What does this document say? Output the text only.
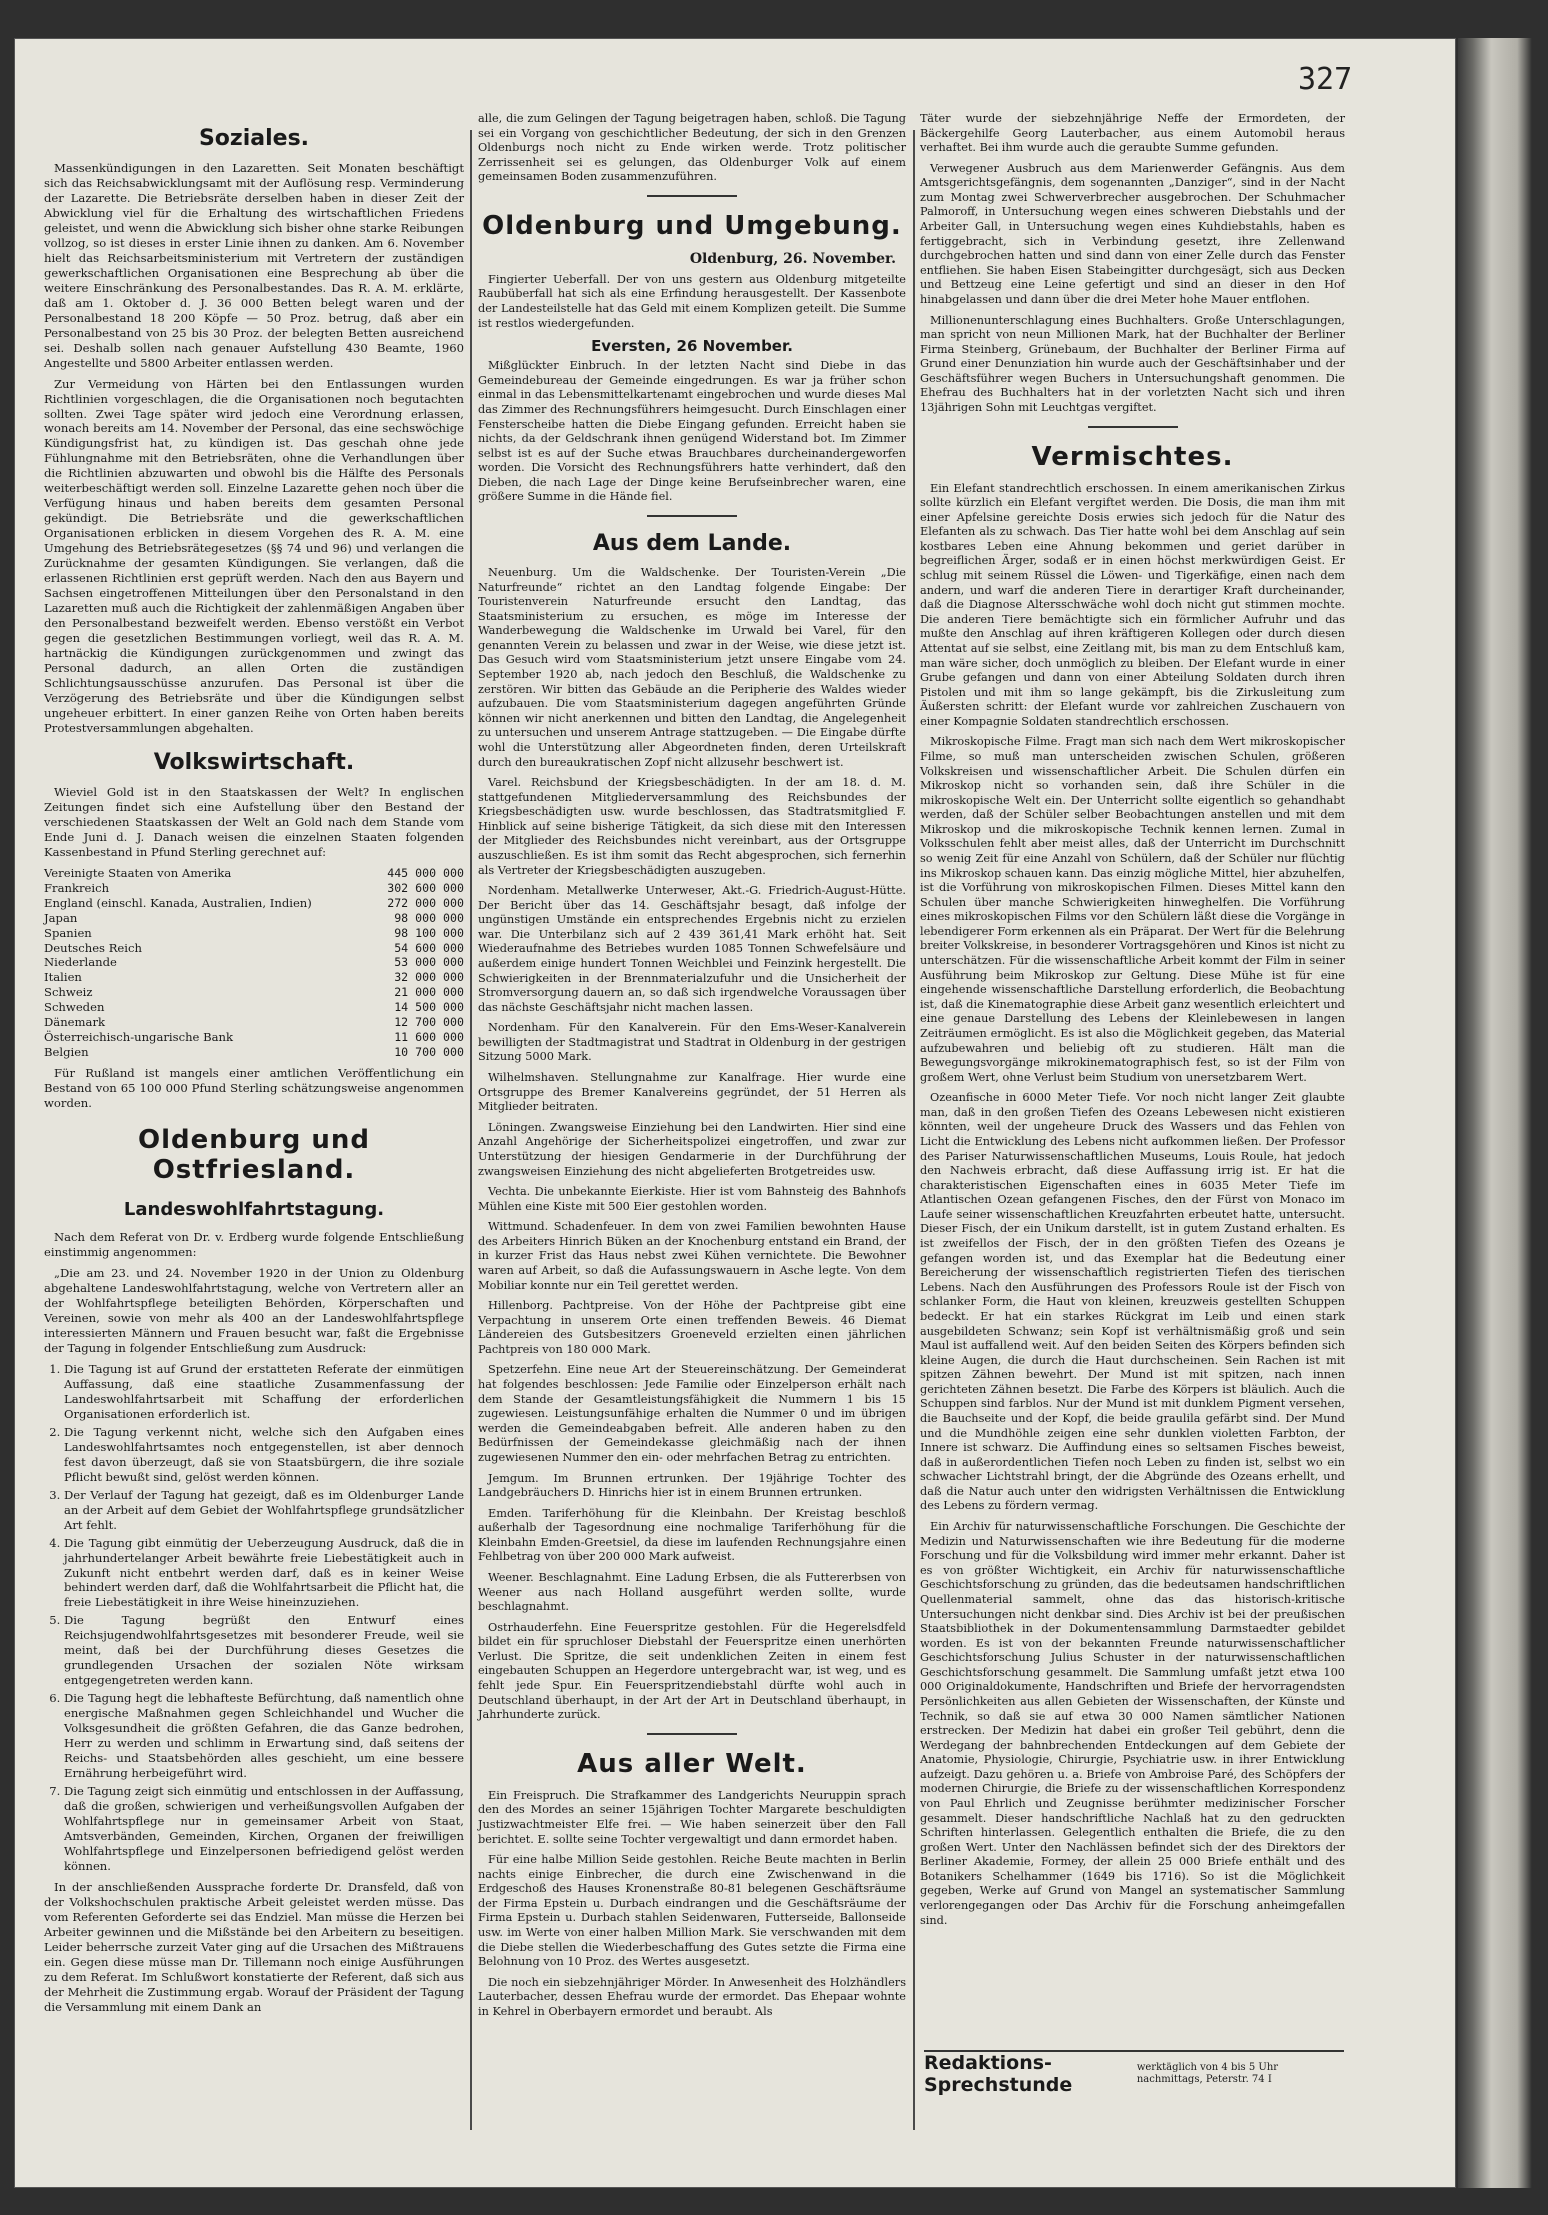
327
Soziales.

Massenkündigungen in den Lazaretten. Seit Monaten beschäftigt sich das Reichsabwicklungsamt mit der Auflösung resp. Verminderung der Lazarette. Die Betriebsräte derselben haben in dieser Zeit der Abwicklung viel für die Erhaltung des wirtschaftlichen Friedens geleistet, und wenn die Abwicklung sich bisher ohne starke Reibungen vollzog, so ist dieses in erster Linie ihnen zu danken. Am 6. November hielt das Reichsarbeitsministerium mit Vertretern der zuständigen gewerkschaftlichen Organisationen eine Besprechung ab über die weitere Einschränkung des Personalbestandes. Das R. A. M. erklärte, daß am 1. Oktober d. J. 36 000 Betten belegt waren und der Personalbestand 18 200 Köpfe — 50 Proz. betrug, daß aber ein Personalbestand von 25 bis 30 Proz. der belegten Betten ausreichend sei. Deshalb sollen nach genauer Aufstellung 430 Beamte, 1960 Angestellte und 5800 Arbeiter entlassen werden.

Zur Vermeidung von Härten bei den Entlassungen wurden Richtlinien vorgeschlagen, die die Organisationen noch begutachten sollten. Zwei Tage später wird jedoch eine Verordnung erlassen, wonach bereits am 14. November der Personal, das eine sechswöchige Kündigungsfrist hat, zu kündigen ist. Das geschah ohne jede Fühlungnahme mit den Betriebsräten, ohne die Verhandlungen über die Richtlinien abzuwarten und obwohl bis die Hälfte des Personals weiterbeschäftigt werden soll. Einzelne Lazarette gehen noch über die Verfügung hinaus und haben bereits dem gesamten Personal gekündigt. Die Betriebsräte und die gewerkschaftlichen Organisationen erblicken in diesem Vorgehen des R. A. M. eine Umgehung des Betriebsrätegesetzes (§§ 74 und 96) und verlangen die Zurücknahme der gesamten Kündigungen. Sie verlangen, daß die erlassenen Richtlinien erst geprüft werden. Nach den aus Bayern und Sachsen eingetroffenen Mitteilungen über den Personalstand in den Lazaretten muß auch die Richtigkeit der zahlenmäßigen Angaben über den Personalbestand bezweifelt werden. Ebenso verstößt ein Verbot gegen die gesetzlichen Bestimmungen vorliegt, weil das R. A. M. hartnäckig die Kündigungen zurückgenommen und zwingt das Personal dadurch, an allen Orten die zuständigen Schlichtungsausschüsse anzurufen. Das Personal ist über die Verzögerung des Betriebsräte und über die Kündigungen selbst ungeheuer erbittert. In einer ganzen Reihe von Orten haben bereits Protestversammlungen abgehalten.

Volkswirtschaft.

Wieviel Gold ist in den Staatskassen der Welt? In englischen Zeitungen findet sich eine Aufstellung über den Bestand der verschiedenen Staatskassen der Welt an Gold nach dem Stande vom Ende Juni d. J. Danach weisen die einzelnen Staaten folgenden Kassenbestand in Pfund Sterling gerechnet auf:

Vereinigte Staaten von Amerika	445 000 000
Frankreich	302 600 000
England (einschl. Kanada, Australien, Indien)	272 000 000
Japan	98 000 000
Spanien	98 100 000
Deutsches Reich	54 600 000
Niederlande	53 000 000
Italien	32 000 000
Schweiz	21 000 000
Schweden	14 500 000
Dänemark	12 700 000
Österreichisch-ungarische Bank	11 600 000
Belgien	10 700 000

Für Rußland ist mangels einer amtlichen Veröffentlichung ein Bestand von 65 100 000 Pfund Sterling schätzungsweise angenommen worden.

Oldenburg und Ostfriesland.
Landeswohlfahrtstagung.

Nach dem Referat von Dr. v. Erdberg wurde folgende Entschließung einstimmig angenommen:

„Die am 23. und 24. November 1920 in der Union zu Oldenburg abgehaltene Landeswohlfahrtstagung, welche von Vertretern aller an der Wohlfahrtspflege beteiligten Behörden, Körperschaften und Vereinen, sowie von mehr als 400 an der Landeswohlfahrtspflege interessierten Männern und Frauen besucht war, faßt die Ergebnisse der Tagung in folgender Entschließung zum Ausdruck:

1. Die Tagung ist auf Grund der erstatteten Referate der einmütigen Auffassung, daß eine staatliche Zusammenfassung der Landeswohlfahrtsarbeit mit Schaffung der erforderlichen Organisationen erforderlich ist.
2. Die Tagung verkennt nicht, welche sich den Aufgaben eines Landeswohlfahrtsamtes noch entgegenstellen, ist aber dennoch fest davon überzeugt, daß sie von Staatsbürgern, die ihre soziale Pflicht bewußt sind, gelöst werden können.
3. Der Verlauf der Tagung hat gezeigt, daß es im Oldenburger Lande an der Arbeit auf dem Gebiet der Wohlfahrtspflege grundsätzlicher Art fehlt.
4. Die Tagung gibt einmütig der Ueberzeugung Ausdruck, daß die in jahrhundertelanger Arbeit bewährte freie Liebestätigkeit auch in Zukunft nicht entbehrt werden darf, daß es in keiner Weise behindert werden darf, daß die Wohlfahrtsarbeit die Pflicht hat, die freie Liebestätigkeit in ihre Weise hineinzuziehen.
5. Die Tagung begrüßt den Entwurf eines Reichsjugendwohlfahrtsgesetzes mit besonderer Freude, weil sie meint, daß bei der Durchführung dieses Gesetzes die grundlegenden Ursachen der sozialen Nöte wirksam entgegengetreten werden kann.
6. Die Tagung hegt die lebhafteste Befürchtung, daß namentlich ohne energische Maßnahmen gegen Schleichhandel und Wucher die Volksgesundheit die größten Gefahren, die das Ganze bedrohen, Herr zu werden und schlimm in Erwartung sind, daß seitens der Reichs- und Staatsbehörden alles geschieht, um eine bessere Ernährung herbeigeführt wird.
7. Die Tagung zeigt sich einmütig und entschlossen in der Auffassung, daß die großen, schwierigen und verheißungsvollen Aufgaben der Wohlfahrtspflege nur in gemeinsamer Arbeit von Staat, Amtsverbänden, Gemeinden, Kirchen, Organen der freiwilligen Wohlfahrtspflege und Einzelpersonen befriedigend gelöst werden können.

In der anschließenden Aussprache forderte Dr. Dransfeld, daß von der Volkshochschulen praktische Arbeit geleistet werden müsse. Das vom Referenten Geforderte sei das Endziel. Man müsse die Herzen bei Arbeiter gewinnen und die Mißstände bei den Arbeitern zu beseitigen. Leider beherrsche zurzeit Vater ging auf die Ursachen des Mißtrauens ein. Gegen diese müsse man Dr. Tillemann noch einige Ausführungen zu dem Referat. Im Schlußwort konstatierte der Referent, daß sich aus der Mehrheit die Zustimmung ergab. Worauf der Präsident der Tagung die Versammlung mit einem Dank an

alle, die zum Gelingen der Tagung beigetragen haben, schloß. Die Tagung sei ein Vorgang von geschichtlicher Bedeutung, der sich in den Grenzen Oldenburgs noch nicht zu Ende wirken werde. Trotz politischer Zerrissenheit sei es gelungen, das Oldenburger Volk auf einem gemeinsamen Boden zusammenzuführen.

Oldenburg und Umgebung.
Oldenburg, 26. November.

Fingierter Ueberfall. Der von uns gestern aus Oldenburg mitgeteilte Raubüberfall hat sich als eine Erfindung herausgestellt. Der Kassenbote der Landesteilstelle hat das Geld mit einem Komplizen geteilt. Die Summe ist restlos wiedergefunden.

Eversten, 26 November.

Mißglückter Einbruch. In der letzten Nacht sind Diebe in das Gemeindebureau der Gemeinde eingedrungen. Es war ja früher schon einmal in das Lebensmittelkartenamt eingebrochen und wurde dieses Mal das Zimmer des Rechnungsführers heimgesucht. Durch Einschlagen einer Fensterscheibe hatten die Diebe Eingang gefunden. Erreicht haben sie nichts, da der Geldschrank ihnen genügend Widerstand bot. Im Zimmer selbst ist es auf der Suche etwas Brauchbares durcheinandergeworfen worden. Die Vorsicht des Rechnungsführers hatte verhindert, daß den Dieben, die nach Lage der Dinge keine Berufseinbrecher waren, eine größere Summe in die Hände fiel.

Aus dem Lande.

Neuenburg. Um die Waldschenke. Der Touristen-Verein „Die Naturfreunde“ richtet an den Landtag folgende Eingabe: Der Touristenverein Naturfreunde ersucht den Landtag, das Staatsministerium zu ersuchen, es möge im Interesse der Wanderbewegung die Waldschenke im Urwald bei Varel, für den genannten Verein zu belassen und zwar in der Weise, wie diese jetzt ist. Das Gesuch wird vom Staatsministerium jetzt unsere Eingabe vom 24. September 1920 ab, nach jedoch den Beschluß, die Waldschenke zu zerstören. Wir bitten das Gebäude an die Peripherie des Waldes wieder aufzubauen. Die vom Staatsministerium dagegen angeführten Gründe können wir nicht anerkennen und bitten den Landtag, die Angelegenheit zu untersuchen und unserem Antrage stattzugeben. — Die Eingabe dürfte wohl die Unterstützung aller Abgeordneten finden, deren Urteilskraft durch den bureaukratischen Zopf nicht allzusehr beschwert ist.

Varel. Reichsbund der Kriegsbeschädigten. In der am 18. d. M. stattgefundenen Mitgliederversammlung des Reichsbundes der Kriegsbeschädigten usw. wurde beschlossen, das Stadtratsmitglied F. Hinblick auf seine bisherige Tätigkeit, da sich diese mit den Interessen der Mitglieder des Reichsbundes nicht vereinbart, aus der Ortsgruppe auszuschließen. Es ist ihm somit das Recht abgesprochen, sich fernerhin als Vertreter der Kriegsbeschädigten auszugeben.

Nordenham. Metallwerke Unterweser, Akt.-G. Friedrich-August-Hütte. Der Bericht über das 14. Geschäftsjahr besagt, daß infolge der ungünstigen Umstände ein entsprechendes Ergebnis nicht zu erzielen war. Die Unterbilanz sich auf 2 439 361,41 Mark erhöht hat. Seit Wiederaufnahme des Betriebes wurden 1085 Tonnen Schwefelsäure und außerdem einige hundert Tonnen Weichblei und Feinzink hergestellt. Die Schwierigkeiten in der Brennmaterialzufuhr und die Unsicherheit der Stromversorgung dauern an, so daß sich irgendwelche Voraussagen über das nächste Geschäftsjahr nicht machen lassen.

Nordenham. Für den Kanalverein. Für den Ems-Weser-Kanalverein bewilligten der Stadtmagistrat und Stadtrat in Oldenburg in der gestrigen Sitzung 5000 Mark.

Wilhelmshaven. Stellungnahme zur Kanalfrage. Hier wurde eine Ortsgruppe des Bremer Kanalvereins gegründet, der 51 Herren als Mitglieder beitraten.

Löningen. Zwangsweise Einziehung bei den Landwirten. Hier sind eine Anzahl Angehörige der Sicherheitspolizei eingetroffen, und zwar zur Unterstützung der hiesigen Gendarmerie in der Durchführung der zwangsweisen Einziehung des nicht abgelieferten Brotgetreides usw.

Vechta. Die unbekannte Eierkiste. Hier ist vom Bahnsteig des Bahnhofs Mühlen eine Kiste mit 500 Eier gestohlen worden.

Wittmund. Schadenfeuer. In dem von zwei Familien bewohnten Hause des Arbeiters Hinrich Büken an der Knochenburg entstand ein Brand, der in kurzer Frist das Haus nebst zwei Kühen vernichtete. Die Bewohner waren auf Arbeit, so daß die Aufassungswauern in Asche legte. Von dem Mobiliar konnte nur ein Teil gerettet werden.

Hillenborg. Pachtpreise. Von der Höhe der Pachtpreise gibt eine Verpachtung in unserem Orte einen treffenden Beweis. 46 Diemat Ländereien des Gutsbesitzers Groeneveld erzielten einen jährlichen Pachtpreis von 180 000 Mark.

Spetzerfehn. Eine neue Art der Steuereinschätzung. Der Gemeinderat hat folgendes beschlossen: Jede Familie oder Einzelperson erhält nach dem Stande der Gesamtleistungsfähigkeit die Nummern 1 bis 15 zugewiesen. Leistungsunfähige erhalten die Nummer 0 und im übrigen werden die Gemeindeabgaben befreit. Alle anderen haben zu den Bedürfnissen der Gemeindekasse gleichmäßig nach der ihnen zugewiesenen Nummer den ein- oder mehrfachen Betrag zu entrichten.

Jemgum. Im Brunnen ertrunken. Der 19jährige Tochter des Landgebräuchers D. Hinrichs hier ist in einem Brunnen ertrunken.

Emden. Tariferhöhung für die Kleinbahn. Der Kreistag beschloß außerhalb der Tagesordnung eine nochmalige Tariferhöhung für die Kleinbahn Emden-Greetsiel, da diese im laufenden Rechnungsjahre einen Fehlbetrag von über 200 000 Mark aufweist.

Weener. Beschlagnahmt. Eine Ladung Erbsen, die als Futtererbsen von Weener aus nach Holland ausgeführt werden sollte, wurde beschlagnahmt.

Ostrhauderfehn. Eine Feuerspritze gestohlen. Für die Hegerelsdfeld bildet ein für spruchloser Diebstahl der Feuerspritze einen unerhörten Verlust. Die Spritze, die seit undenklichen Zeiten in einem fest eingebauten Schuppen an Hegerdore untergebracht war, ist weg, und es fehlt jede Spur. Ein Feuerspritzendiebstahl dürfte wohl auch in Deutschland überhaupt, in der Art der Art in Deutschland überhaupt, in Jahrhunderte zurück.

Aus aller Welt.

Ein Freispruch. Die Strafkammer des Landgerichts Neuruppin sprach den des Mordes an seiner 15jährigen Tochter Margarete beschuldigten Justizwachtmeister Elfe frei. — Wie haben seinerzeit über den Fall berichtet. E. sollte seine Tochter vergewaltigt und dann ermordet haben.

Für eine halbe Million Seide gestohlen. Reiche Beute machten in Berlin nachts einige Einbrecher, die durch eine Zwischenwand in die Erdgeschoß des Hauses Kronenstraße 80-81 belegenen Geschäftsräume der Firma Epstein u. Durbach eindrangen und die Geschäftsräume der Firma Epstein u. Durbach stahlen Seidenwaren, Futterseide, Ballonseide usw. im Werte von einer halben Million Mark. Sie verschwanden mit dem die Diebe stellen die Wiederbeschaffung des Gutes setzte die Firma eine Belohnung von 10 Proz. des Wertes ausgesetzt.

Die noch ein siebzehnjähriger Mörder. In Anwesenheit des Holzhändlers Lauterbacher, dessen Ehefrau wurde der ermordet. Das Ehepaar wohnte in Kehrel in Oberbayern ermordet und beraubt. Als

Täter wurde der siebzehnjährige Neffe der Ermordeten, der Bäckergehilfe Georg Lauterbacher, aus einem Automobil heraus verhaftet. Bei ihm wurde auch die geraubte Summe gefunden.

Verwegener Ausbruch aus dem Marienwerder Gefängnis. Aus dem Amtsgerichtsgefängnis, dem sogenannten „Danziger“, sind in der Nacht zum Montag zwei Schwerverbrecher ausgebrochen. Der Schuhmacher Palmoroff, in Untersuchung wegen eines schweren Diebstahls und der Arbeiter Gall, in Untersuchung wegen eines Kuhdiebstahls, haben es fertiggebracht, sich in Verbindung gesetzt, ihre Zellenwand durchgebrochen hatten und sind dann von einer Zelle durch das Fenster entfliehen. Sie haben Eisen Stabeingitter durchgesägt, sich aus Decken und Bettzeug eine Leine gefertigt und sind an dieser in den Hof hinabgelassen und dann über die drei Meter hohe Mauer entflohen.

Millionenunterschlagung eines Buchhalters. Große Unterschlagungen, man spricht von neun Millionen Mark, hat der Buchhalter der Berliner Firma Steinberg, Grünebaum, der Buchhalter der Berliner Firma auf Grund einer Denunziation hin wurde auch der Geschäftsinhaber und der Geschäftsführer wegen Buchers in Untersuchungshaft genommen. Die Ehefrau des Buchhalters hat in der vorletzten Nacht sich und ihren 13jährigen Sohn mit Leuchtgas vergiftet.

Vermischtes.

Ein Elefant standrechtlich erschossen. In einem amerikanischen Zirkus sollte kürzlich ein Elefant vergiftet werden. Die Dosis, die man ihm mit einer Apfelsine gereichte Dosis erwies sich jedoch für die Natur des Elefanten als zu schwach. Das Tier hatte wohl bei dem Anschlag auf sein kostbares Leben eine Ahnung bekommen und geriet darüber in begreiflichen Ärger, sodaß er in einen höchst merkwürdigen Geist. Er schlug mit seinem Rüssel die Löwen- und Tigerkäfige, einen nach dem andern, und warf die anderen Tiere in derartiger Kraft durcheinander, daß die Diagnose Altersschwäche wohl doch nicht gut stimmen mochte. Die anderen Tiere bemächtigte sich ein förmlicher Aufruhr und das mußte den Anschlag auf ihren kräftigeren Kollegen oder durch diesen Attentat auf sie selbst, eine Zeitlang mit, bis man zu dem Entschluß kam, man wäre sicher, doch unmöglich zu bleiben. Der Elefant wurde in einer Grube gefangen und dann von einer Abteilung Soldaten durch ihren Pistolen und mit ihm so lange gekämpft, bis die Zirkusleitung zum Äußersten schritt: der Elefant wurde vor zahlreichen Zuschauern von einer Kompagnie Soldaten standrechtlich erschossen.

Mikroskopische Filme. Fragt man sich nach dem Wert mikroskopischer Filme, so muß man unterscheiden zwischen Schulen, größeren Volkskreisen und wissenschaftlicher Arbeit. Die Schulen dürfen ein Mikroskop nicht so vorhanden sein, daß ihre Schüler in die mikroskopische Welt ein. Der Unterricht sollte eigentlich so gehandhabt werden, daß der Schüler selber Beobachtungen anstellen und mit dem Mikroskop und die mikroskopische Technik kennen lernen. Zumal in Volksschulen fehlt aber meist alles, daß der Unterricht im Durchschnitt so wenig Zeit für eine Anzahl von Schülern, daß der Schüler nur flüchtig ins Mikroskop schauen kann. Das einzig mögliche Mittel, hier abzuhelfen, ist die Vorführung von mikroskopischen Filmen. Dieses Mittel kann den Schulen über manche Schwierigkeiten hinweghelfen. Die Vorführung eines mikroskopischen Films vor den Schülern läßt diese die Vorgänge in lebendigerer Form erkennen als ein Präparat. Der Wert für die Belehrung breiter Volkskreise, in besonderer Vortragsgehören und Kinos ist nicht zu unterschätzen. Für die wissenschaftliche Arbeit kommt der Film in seiner Ausführung beim Mikroskop zur Geltung. Diese Mühe ist für eine eingehende wissenschaftliche Darstellung erforderlich, die Beobachtung ist, daß die Kinematographie diese Arbeit ganz wesentlich erleichtert und eine genaue Darstellung des Lebens der Kleinlebewesen in langen Zeiträumen ermöglicht. Es ist also die Möglichkeit gegeben, das Material aufzubewahren und beliebig oft zu studieren. Hält man die Bewegungsvorgänge mikrokinematographisch fest, so ist der Film von großem Wert, ohne Verlust beim Studium von unersetzbarem Wert.

Ozeanfische in 6000 Meter Tiefe. Vor noch nicht langer Zeit glaubte man, daß in den großen Tiefen des Ozeans Lebewesen nicht existieren könnten, weil der ungeheure Druck des Wassers und das Fehlen von Licht die Entwicklung des Lebens nicht aufkommen ließen. Der Professor des Pariser Naturwissenschaftlichen Museums, Louis Roule, hat jedoch den Nachweis erbracht, daß diese Auffassung irrig ist. Er hat die charakteristischen Eigenschaften eines in 6035 Meter Tiefe im Atlantischen Ozean gefangenen Fisches, den der Fürst von Monaco im Laufe seiner wissenschaftlichen Kreuzfahrten erbeutet hatte, untersucht. Dieser Fisch, der ein Unikum darstellt, ist in gutem Zustand erhalten. Es ist zweifellos der Fisch, der in den größten Tiefen des Ozeans je gefangen worden ist, und das Exemplar hat die Bedeutung einer Bereicherung der wissenschaftlich registrierten Tiefen des tierischen Lebens. Nach den Ausführungen des Professors Roule ist der Fisch von schlanker Form, die Haut von kleinen, kreuzweis gestellten Schuppen bedeckt. Er hat ein starkes Rückgrat im Leib und einen stark ausgebildeten Schwanz; sein Kopf ist verhältnismäßig groß und sein Maul ist auffallend weit. Auf den beiden Seiten des Körpers befinden sich kleine Augen, die durch die Haut durchscheinen. Sein Rachen ist mit spitzen Zähnen bewehrt. Der Mund ist mit spitzen, nach innen gerichteten Zähnen besetzt. Die Farbe des Körpers ist bläulich. Auch die Schuppen sind farblos. Nur der Mund ist mit dunklem Pigment versehen, die Bauchseite und der Kopf, die beide graulila gefärbt sind. Der Mund und die Mundhöhle zeigen eine sehr dunklen violetten Farbton, der Innere ist schwarz. Die Auffindung eines so seltsamen Fisches beweist, daß in außerordentlichen Tiefen noch Leben zu finden ist, selbst wo ein schwacher Lichtstrahl bringt, der die Abgründe des Ozeans erhellt, und daß die Natur auch unter den widrigsten Verhältnissen die Entwicklung des Lebens zu fördern vermag.

Ein Archiv für naturwissenschaftliche Forschungen. Die Geschichte der Medizin und Naturwissenschaften wie ihre Bedeutung für die moderne Forschung und für die Volksbildung wird immer mehr erkannt. Daher ist es von größter Wichtigkeit, ein Archiv für naturwissenschaftliche Geschichtsforschung zu gründen, das die bedeutsamen handschriftlichen Quellenmaterial sammelt, ohne das das historisch-kritische Untersuchungen nicht denkbar sind. Dies Archiv ist bei der preußischen Staatsbibliothek in der Dokumentensammlung Darmstaedter gebildet worden. Es ist von der bekannten Freunde naturwissenschaftlicher Geschichtsforschung Julius Schuster in der naturwissenschaftlichen Geschichtsforschung gesammelt. Die Sammlung umfaßt jetzt etwa 100 000 Originaldokumente, Handschriften und Briefe der hervorragendsten Persönlichkeiten aus allen Gebieten der Wissenschaften, der Künste und Technik, so daß sie auf etwa 30 000 Namen sämtlicher Nationen erstrecken. Der Medizin hat dabei ein großer Teil gebührt, denn die Werdegang der bahnbrechenden Entdeckungen auf dem Gebiete der Anatomie, Physiologie, Chirurgie, Psychiatrie usw. in ihrer Entwicklung aufzeigt. Dazu gehören u. a. Briefe von Ambroise Paré, des Schöpfers der modernen Chirurgie, die Briefe zu der wissenschaftlichen Korrespondenz von Paul Ehrlich und Zeugnisse berühmter medizinischer Forscher gesammelt. Dieser handschriftliche Nachlaß hat zu den gedruckten Schriften hinterlassen. Gelegentlich enthalten die Briefe, die zu den großen Wert. Unter den Nachlässen befindet sich der des Direktors der Berliner Akademie, Formey, der allein 25 000 Briefe enthält und des Botanikers Schelhammer (1649 bis 1716). So ist die Möglichkeit gegeben, Werke auf Grund von Mangel an systematischer Sammlung verlorengegangen oder Das Archiv für die Forschung anheimgefallen sind.

Redaktions-Sprechstunde
werktäglich von 4 bis 5 Uhr nachmittags, Peterstr. 74 I
